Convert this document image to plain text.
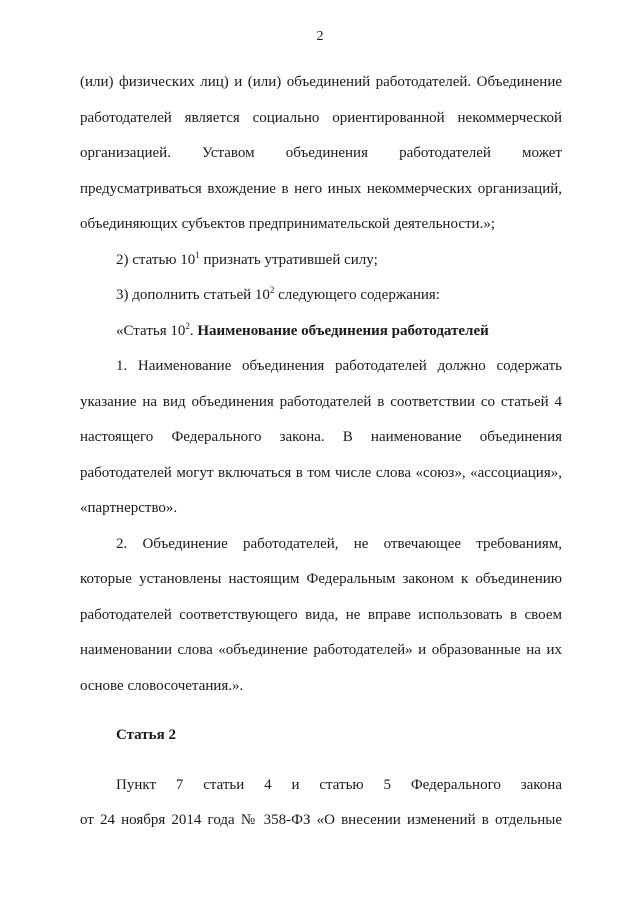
2
(или) физических лиц) и (или) объединений работодателей. Объединение
работодателей является социально ориентированной некоммерческой
организацией. Уставом объединения работодателей может
предусматриваться вхождение в него иных некоммерческих организаций,
объединяющих субъектов предпринимательской деятельности.»;
2) статью $10^1$ признать утратившей силу;
3) дополнить статьей $10^2$ следующего содержания:
«Статья $10^2$. Наименование объединения работодателей
1. Наименование объединения работодателей должно содержать
указание на вид объединения работодателей в соответствии со статьей 4
настоящего Федерального закона. В наименование объединения
работодателей могут включаться в том числе слова «союз», «ассоциация»,
«партнерство».
2. Объединение работодателей, не отвечающее требованиям,
которые установлены настоящим Федеральным законом к объединению
работодателей соответствующего вида, не вправе использовать в своем
наименовании слова «объединение работодателей» и образованные на их
основе словосочетания.».
Статья 2
Пункт 7 статьи 4 и статью 5 Федерального закона
от 24 ноября 2014 года № 358-ФЗ «О внесении изменений в отдельные
